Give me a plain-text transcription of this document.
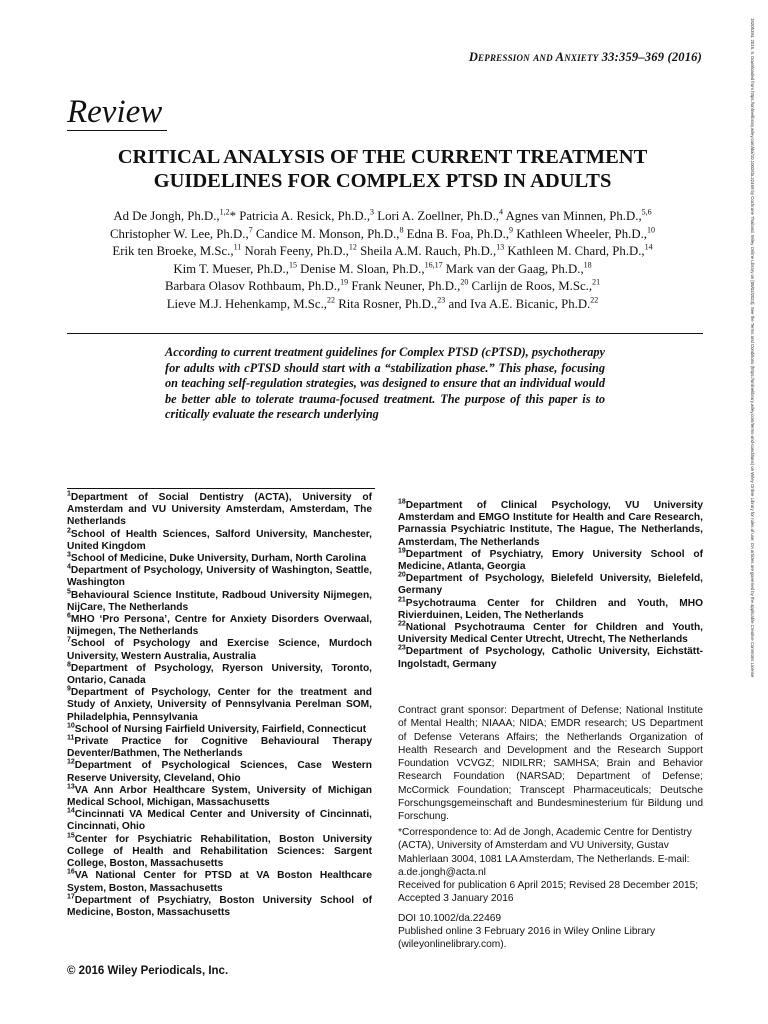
Depression and Anxiety 33:359–369 (2016)
Review
CRITICAL ANALYSIS OF THE CURRENT TREATMENT
GUIDELINES FOR COMPLEX PTSD IN ADULTS
Ad De Jongh, Ph.D.,$^{1,2}$* Patricia A. Resick, Ph.D.,$^3$ Lori A. Zoellner, Ph.D.,$^4$ Agnes van Minnen, Ph.D.,$^{5,6}$
Christopher W. Lee, Ph.D.,$^7$ Candice M. Monson, Ph.D.,$^8$ Edna B. Foa, Ph.D.,$^9$ Kathleen Wheeler, Ph.D.,$^{10}$
Erik ten Broeke, M.Sc.,$^{11}$ Norah Feeny, Ph.D.,$^{12}$ Sheila A.M. Rauch, Ph.D.,$^{13}$ Kathleen M. Chard, Ph.D.,$^{14}$
Kim T. Mueser, Ph.D.,$^{15}$ Denise M. Sloan, Ph.D.,$^{16,17}$ Mark van der Gaag, Ph.D.,$^{18}$
Barbara Olasov Rothbaum, Ph.D.,$^{19}$ Frank Neuner, Ph.D.,$^{20}$ Carlijn de Roos, M.Sc.,$^{21}$
Lieve M.J. Hehenkamp, M.Sc.,$^{22}$ Rita Rosner, Ph.D.,$^{23}$ and Iva A.E. Bicanic, Ph.D.$^{22}$
According to current treatment guidelines for Complex PTSD (cPTSD), psychotherapy for adults with cPTSD should start with a “stabilization phase.” This phase, focusing on teaching self-regulation strategies, was designed to ensure that an individual would be better able to tolerate trauma-focused treatment. The purpose of this paper is to critically evaluate the research underlying
$^1$Department of Social Dentistry (ACTA), University of Amsterdam and VU University Amsterdam, Amsterdam, The Netherlands
$^2$School of Health Sciences, Salford University, Manchester, United Kingdom
$^3$School of Medicine, Duke University, Durham, North Carolina
$^4$Department of Psychology, University of Washington, Seattle, Washington
$^5$Behavioural Science Institute, Radboud University Nijmegen, NijCare, The Netherlands
$^6$MHO ‘Pro Persona’, Centre for Anxiety Disorders Overwaal, Nijmegen, The Netherlands
$^7$School of Psychology and Exercise Science, Murdoch University, Western Australia, Australia
$^8$Department of Psychology, Ryerson University, Toronto, Ontario, Canada
$^9$Department of Psychology, Center for the treatment and Study of Anxiety, University of Pennsylvania Perelman SOM, Philadelphia, Pennsylvania
$^{10}$School of Nursing Fairfield University, Fairfield, Connecticut
$^{11}$Private Practice for Cognitive Behavioural Therapy Deventer/Bathmen, The Netherlands
$^{12}$Department of Psychological Sciences, Case Western Reserve University, Cleveland, Ohio
$^{13}$VA Ann Arbor Healthcare System, University of Michigan Medical School, Michigan, Massachusetts
$^{14}$Cincinnati VA Medical Center and University of Cincinnati, Cincinnati, Ohio
$^{15}$Center for Psychiatric Rehabilitation, Boston University College of Health and Rehabilitation Sciences: Sargent College, Boston, Massachusetts
$^{16}$VA National Center for PTSD at VA Boston Healthcare System, Boston, Massachusetts
$^{17}$Department of Psychiatry, Boston University School of Medicine, Boston, Massachusetts
$^{18}$Department of Clinical Psychology, VU University Amsterdam and EMGO Institute for Health and Care Research, Parnassia Psychiatric Institute, The Hague, The Netherlands, Amsterdam, The Netherlands
$^{19}$Department of Psychiatry, Emory University School of Medicine, Atlanta, Georgia
$^{20}$Department of Psychology, Bielefeld University, Bielefeld, Germany
$^{21}$Psychotrauma Center for Children and Youth, MHO Rivierduinen, Leiden, The Netherlands
$^{22}$National Psychotrauma Center for Children and Youth, University Medical Center Utrecht, Utrecht, The Netherlands
$^{23}$Department of Psychology, Catholic University, Eichstätt-Ingolstadt, Germany
Contract grant sponsor: Department of Defense; National Institute of Mental Health; NIAAA; NIDA; EMDR research; US Department of Defense Veterans Affairs; the Netherlands Organization of Health Research and Development and the Research Support Foundation VCVGZ; NIDILRR; SAMHSA; Brain and Behavior Research Foundation (NARSAD; Department of Defense; McCormick Foundation; Transcept Pharmaceuticals; Deutsche Forschungsgemeinschaft and Bundesminesterium für Bildung und Forschung.

*Correspondence to: Ad de Jongh, Academic Centre for Dentistry (ACTA), University of Amsterdam and VU University, Gustav Mahlerlaan 3004, 1081 LA Amsterdam, The Netherlands. E-mail: a.de.jongh@acta.nl

Received for publication 6 April 2015; Revised 28 December 2015; Accepted 3 January 2016

DOI 10.1002/da.22469

Published online 3 February 2016 in Wiley Online Library (wileyonlinelibrary.com).

© 2016 Wiley Periodicals, Inc.
15206394, 2016, 5, Downloaded from https://onlinelibrary.wiley.com/doi/10.1002/da.22469 by Cochrane Thailand, Wiley Online Library on [08/02/2023]. See the Terms and Conditions (https://onlinelibrary.wiley.com/terms-and-conditions) on Wiley Online Library for rules of use; OA articles are governed by the applicable Creative Commons License
